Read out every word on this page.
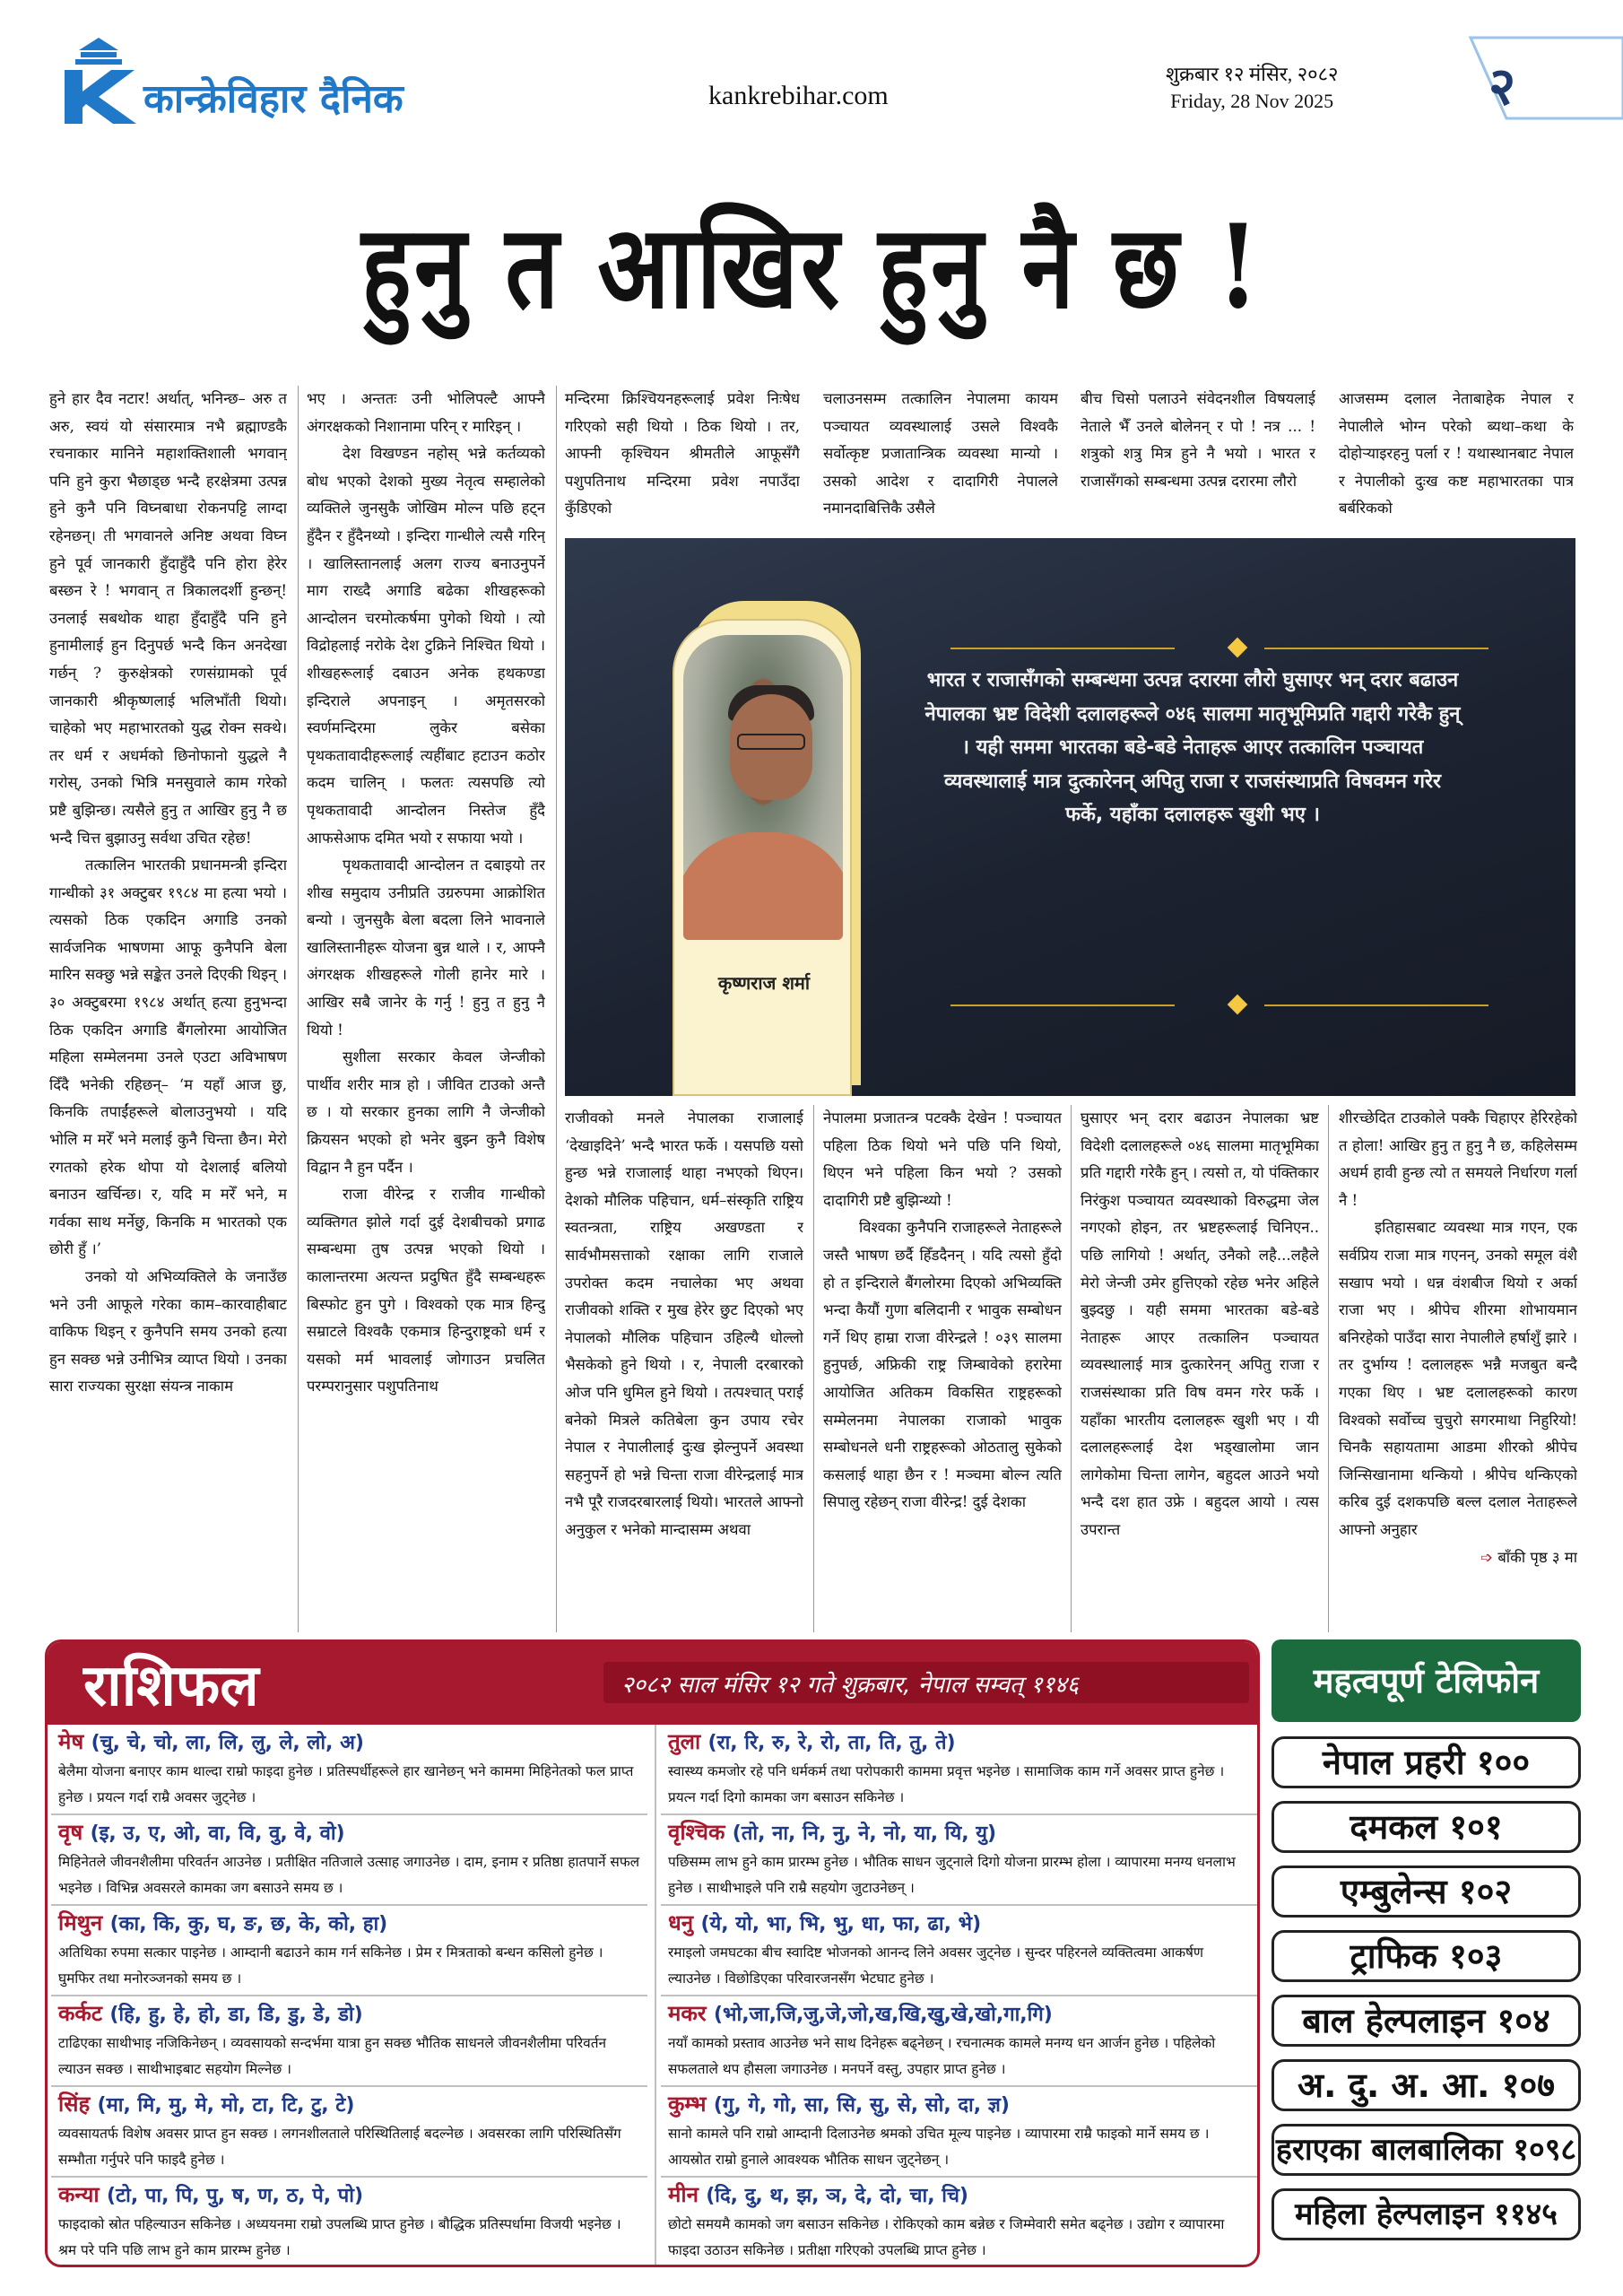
कान्क्रेविहार दैनिक	kankrebihar.com
शुक्रबार १२ मंसिर, २०८२
Friday, 28 Nov 2025	२
हुनु त आखिर हुनु नै छ !

हुने हार दैव नटार! अर्थात्, भनिन्छ– अरु त अरु, स्वयं यो संसारमात्र नभै ब्रह्माण्डकै रचनाकार मानिने महाशक्तिशाली भगवान् पनि हुने कुरा भैछाड्छ भन्दै हरक्षेत्रमा उत्पन्न हुने कुनै पनि विघ्नबाधा रोकनपट्टि लाग्दा रहेनछन्। ती भगवानले अनिष्ट अथवा विघ्न हुने पूर्व जानकारी हुँदाहुँदै पनि होरा हेरेर बस्छन रे ! भगवान् त त्रिकालदर्शी हुन्छन्! उनलाई सबथोक थाहा हुँदाहुँदै पनि हुने हुनामीलाई हुन दिनुपर्छ भन्दै किन अनदेखा गर्छन् ? कुरुक्षेत्रको रणसंग्रामको पूर्व जानकारी श्रीकृष्णलाई भलिभाँती थियो। चाहेको भए महाभारतको युद्ध रोक्न सक्थे। तर धर्म र अधर्मको छिनोफानो युद्धले नै गरोस्, उनको भित्रि मनसुवाले काम गरेको प्रष्टै बुझिन्छ। त्यसैले हुनु त आखिर हुनु नै छ भन्दै चित्त बुझाउनु सर्वथा उचित रहेछ!

तत्कालिन भारतकी प्रधानमन्त्री इन्दिरा गान्धीको ३१ अक्टुबर १९८४ मा हत्या भयो । त्यसको ठिक एकदिन अगाडि उनको सार्वजनिक भाषणमा आफू कुनैपनि बेला मारिन सक्छु भन्ने सङ्केत उनले दिएकी थिइन् । ३० अक्टुबरमा १९८४ अर्थात् हत्या हुनुभन्दा ठिक एकदिन अगाडि बैंगलोरमा आयोजित महिला सम्मेलनमा उनले एउटा अविभाषण दिँदै भनेकी रहिछन्– ‘म यहाँ आज छु, किनकि तपाईंहरूले बोलाउनुभयो । यदि भोलि म मरेँ भने मलाई कुनै चिन्ता छैन। मेरो रगतको हरेक थोपा यो देशलाई बलियो बनाउन खर्चिन्छ। र, यदि म मरेँ भने, म गर्वका साथ मर्नेछु, किनकि म भारतको एक छोरी हुँ ।’

उनको यो अभिव्यक्तिले के जनाउँछ भने उनी आफूले गरेका काम–कारवाहीबाट वाकिफ थिइन् र कुनैपनि समय उनको हत्या हुन सक्छ भन्ने उनीभित्र व्याप्त थियो । उनका सारा राज्यका सुरक्षा संयन्त्र नाकाम

भए । अन्ततः उनी भोलिपल्टै आफ्नै अंगरक्षकको निशानामा परिन् र मारिइन् ।

देश विखण्डन नहोस् भन्ने कर्तव्यको बोध भएको देशको मुख्य नेतृत्व सम्हालेको व्यक्तिले जुनसुकै जोखिम मोल्न पछि हट्न हुँदैन र हुँदैनथ्यो । इन्दिरा गान्धीले त्यसै गरिन् । खालिस्तानलाई अलग राज्य बनाउनुपर्ने माग राख्दै अगाडि बढेका शीखहरूको आन्दोलन चरमोत्कर्षमा पुगेको थियो । त्यो विद्रोहलाई नरोके देश टुक्रिने निश्चित थियो । शीखहरूलाई दबाउन अनेक हथकण्डा इन्दिराले अपनाइन् । अमृतसरको स्वर्णमन्दिरमा लुकेर बसेका पृथकतावादीहरूलाई त्यहींबाट हटाउन कठोर कदम चालिन् । फलतः त्यसपछि त्यो पृथकतावादी आन्दोलन निस्तेज हुँदै आफसेआफ दमित भयो र सफाया भयो ।

पृथकतावादी आन्दोलन त दबाइयो तर शीख समुदाय उनीप्रति उग्ररुपमा आक्रोशित बन्यो । जुनसुकै बेला बदला लिने भावनाले खालिस्तानीहरू योजना बुन्न थाले । र, आफ्नै अंगरक्षक शीखहरूले गोली हानेर मारे । आखिर सबै जानेर के गर्नु ! हुनु त हुनु नै थियो !

सुशीला सरकार केवल जेन्जीको पार्थीव शरीर मात्र हो । जीवित टाउको अन्तै छ । यो सरकार हुनका लागि नै जेन्जीको क्रियसन भएको हो भनेर बुझ्न कुनै विशेष विद्वान नै हुन पर्दैन ।

राजा वीरेन्द्र र राजीव गान्धीको व्यक्तिगत झोले गर्दा दुई देशबीचको प्रगाढ सम्बन्धमा तुष उत्पन्न भएको थियो । कालान्तरमा अत्यन्त प्रदुषित हुँदै सम्बन्धहरू बिस्फोट हुन पुगे । विश्वको एक मात्र हिन्दु सम्राटले विश्वकै एकमात्र हिन्दुराष्ट्रको धर्म र यसको मर्म भावलाई जोगाउन प्रचलित परम्परानुसार पशुपतिनाथ

मन्दिरमा क्रिश्चियनहरूलाई प्रवेश निःषेध गरिएको सही थियो । ठिक थियो । तर, आफ्नी कृश्चियन श्रीमतीले आफूसँगै पशुपतिनाथ मन्दिरमा प्रवेश नपाउँदा कुँडिएको

चलाउनसम्म तत्कालिन नेपालमा कायम पञ्चायत व्यवस्थालाई उसले विश्वकै सर्वोत्कृष्ट प्रजातान्त्रिक व्यवस्था मान्यो । उसको आदेश र दादागिरी नेपालले नमानदाबित्तिकै उसैले

बीच चिसो पलाउने संवेदनशील विषयलाई नेताले भैँ उनले बोलेनन् र पो ! नत्र ... ! शत्रुको शत्रु मित्र हुने नै भयो । भारत र राजासँगको सम्बन्धमा उत्पन्न दरारमा लौरो

आजसम्म दलाल नेताबाहेक नेपाल र नेपालीले भोग्न परेको ब्यथा–कथा के दोहोऱ्याइरहनु पर्ला र ! यथास्थानबाट नेपाल र नेपालीको दुःख कष्ट महाभारतका पात्र बर्बरिकको

कृष्णराज शर्मा
भारत र राजासँगको सम्बन्धमा उत्पन्न दरारमा लौरो घुसाएर भन् दरार बढाउन नेपालका भ्रष्ट विदेशी दलालहरूले ०४६ सालमा मातृभूमिप्रति गद्दारी गरेकै हुन् । यही सममा भारतका बडे-बडे नेताहरू आएर तत्कालिन पञ्चायत व्यवस्थालाई मात्र दुत्कारेनन् अपितु राजा र राजसंस्थाप्रति विषवमन गरेर फर्के, यहाँका दलालहरू खुशी भए ।

राजीवको मनले नेपालका राजालाई ‘देखाइदिने’ भन्दै भारत फर्के । यसपछि यसो हुन्छ भन्ने राजालाई थाहा नभएको थिएन। देशको मौलिक पहिचान, धर्म–संस्कृति राष्ट्रिय स्वतन्त्रता, राष्ट्रिय अखण्डता र सार्वभौमसत्ताको रक्षाका लागि राजाले उपरोक्त कदम नचालेका भए अथवा राजीवको शक्ति र मुख हेरेर छुट दिएको भए नेपालको मौलिक पहिचान उहिल्यै धोल्लो भैसकेको हुने थियो । र, नेपाली दरबारको ओज पनि धुमिल हुने थियो । तत्पश्चात् पराई बनेको मित्रले कतिबेला कुन उपाय रचेर नेपाल र नेपालीलाई दुःख झेल्नुपर्ने अवस्था सहनुपर्ने हो भन्ने चिन्ता राजा वीरेन्द्रलाई मात्र नभै पूरै राजदरबारलाई थियो। भारतले आफ्नो अनुकुल र भनेको मान्दासम्म अथवा

नेपालमा प्रजातन्त्र पटक्कै देखेन ! पञ्चायत पहिला ठिक थियो भने पछि पनि थियो, थिएन भने पहिला किन भयो ? उसको दादागिरी प्रष्टै बुझिन्थ्यो !

विश्वका कुनैपनि राजाहरूले नेताहरूले जस्तै भाषण छर्दै हिँडदैनन् । यदि त्यसो हुँदो हो त इन्दिराले बैंगलोरमा दिएको अभिव्यक्ति भन्दा कैयौं गुणा बलिदानी र भावुक सम्बोधन गर्ने थिए हाम्रा राजा वीरेन्द्रले ! ०३९ सालमा हुनुपर्छ, अफ्रिकी राष्ट्र जिम्बावेको हरारेमा आयोजित अतिकम विकसित राष्ट्रहरूको सम्मेलनमा नेपालका राजाको भावुक सम्बोधनले धनी राष्ट्रहरूको ओठतालु सुकेको कसलाई थाहा छैन र ! मञ्चमा बोल्न त्यति सिपालु रहेछन् राजा वीरेन्द्र! दुई देशका

घुसाएर भन् दरार बढाउन नेपालका भ्रष्ट विदेशी दलालहरूले ०४६ सालमा मातृभूमिका प्रति गद्दारी गरेकै हुन् । त्यसो त, यो पंक्तिकार निरंकुश पञ्चायत व्यवस्थाको विरुद्धमा जेल नगएको होइन, तर भ्रष्टहरूलाई चिनिएन.. पछि लागियो ! अर्थात्, उनैको लहै...लहैले मेरो जेन्जी उमेर हुत्तिएको रहेछ भनेर अहिले बुझ्दछु । यही सममा भारतका बडे-बडे नेताहरू आएर तत्कालिन पञ्चायत व्यवस्थालाई मात्र दुत्कारेनन् अपितु राजा र राजसंस्थाका प्रति विष वमन गरेर फर्के । यहाँका भारतीय दलालहरू खुशी भए । यी दलालहरूलाई देश भड्खालोमा जान लागेकोमा चिन्ता लागेन, बहुदल आउने भयो भन्दै दश हात उफ्रे । बहुदल आयो । त्यस उपरान्त

शीरच्छेदित टाउकोले पक्कै चिहाएर हेरिरहेको त होला! आखिर हुनु त हुनु नै छ, कहिलेसम्म अधर्म हावी हुन्छ त्यो त समयले निर्धारण गर्ला नै !

इतिहासबाट व्यवस्था मात्र गएन, एक सर्वप्रिय राजा मात्र गएनन्, उनको समूल वंशै सखाप भयो । धन्न वंशबीज थियो र अर्का राजा भए । श्रीपेच शीरमा शोभायमान बनिरहेको पाउँदा सारा नेपालीले हर्षाशुँ झारे । तर दुर्भाग्य ! दलालहरू भन्नै मजबुत बन्दै गएका थिए । भ्रष्ट दलालहरूको कारण विश्वको सर्वोच्च चुचुरो सगरमाथा निहुरियो! चिनकै सहायतामा आडमा शीरको श्रीपेच जिन्सिखानामा थन्कियो । श्रीपेच थन्किएको करिब दुई दशकपछि बल्ल दलाल नेताहरूले आफ्नो अनुहार

➩ बाँकी पृष्ठ ३ मा

राशिफल	२०८२ साल मंसिर १२ गते शुक्रबार, नेपाल सम्वत् ११४६
मेष (चु, चे, चो, ला, लि, लु, ले, लो, अ)
बेलैमा योजना बनाएर काम थाल्दा राम्रो फाइदा हुनेछ । प्रतिस्पर्धीहरूले हार खानेछन् भने काममा मिहिनेतको फल प्राप्त हुनेछ । प्रयत्न गर्दा राम्रै अवसर जुट्नेछ ।
वृष (इ, उ, ए, ओ, वा, वि, वु, वे, वो)
मिहिनेतले जीवनशैलीमा परिवर्तन आउनेछ । प्रतीक्षित नतिजाले उत्साह जगाउनेछ । दाम, इनाम र प्रतिष्ठा हातपार्ने सफल भइनेछ । विभिन्न अवसरले कामका जग बसाउने समय छ ।
मिथुन (का, कि, कु, घ, ङ, छ, के, को, हा)
अतिथिका रुपमा सत्कार पाइनेछ । आम्दानी बढाउने काम गर्न सकिनेछ । प्रेम र मित्रताको बन्धन कसिलो हुनेछ । घुमफिर तथा मनोरञ्जनको समय छ ।
कर्कट (हि, हु, हे, हो, डा, डि, डु, डे, डो)
टाढिएका साथीभाइ नजिकिनेछन् । व्यवसायको सन्दर्भमा यात्रा हुन सक्छ भौतिक साधनले जीवनशैलीमा परिवर्तन ल्याउन सक्छ । साथीभाइबाट सहयोग मिल्नेछ ।
सिंह (मा, मि, मु, मे, मो, टा, टि, टु, टे)
व्यवसायतर्फ विशेष अवसर प्राप्त हुन सक्छ । लगनशीलताले परिस्थितिलाई बदल्नेछ । अवसरका लागि परिस्थितिसँग सम्भौता गर्नुपरे पनि फाइदै हुनेछ ।
कन्या (टो, पा, पि, पु, ष, ण, ठ, पे, पो)
फाइदाको स्रोत पहिल्याउन सकिनेछ । अध्ययनमा राम्रो उपलब्धि प्राप्त हुनेछ । बौद्धिक प्रतिस्पर्धामा विजयी भइनेछ । श्रम परे पनि पछि लाभ हुने काम प्रारम्भ हुनेछ ।
तुला (रा, रि, रु, रे, रो, ता, ति, तु, ते)
स्वास्थ्य कमजोर रहे पनि धर्मकर्म तथा परोपकारी काममा प्रवृत्त भइनेछ । सामाजिक काम गर्ने अवसर प्राप्त हुनेछ । प्रयत्न गर्दा दिगो कामका जग बसाउन सकिनेछ ।
वृश्चिक (तो, ना, नि, नु, ने, नो, या, यि, यु)
पछिसम्म लाभ हुने काम प्रारम्भ हुनेछ । भौतिक साधन जुट्नाले दिगो योजना प्रारम्भ होला । व्यापारमा मनग्य धनलाभ हुनेछ । साथीभाइले पनि राम्रै सहयोग जुटाउनेछन् ।
धनु (ये, यो, भा, भि, भु, धा, फा, ढा, भे)
रमाइलो जमघटका बीच स्वादिष्ट भोजनको आनन्द लिने अवसर जुट्नेछ । सुन्दर पहिरनले व्यक्तित्वमा आकर्षण ल्याउनेछ । विछोडिएका परिवारजनसँग भेटघाट हुनेछ ।
मकर (भो,जा,जि,जु,जे,जो,ख,खि,खु,खे,खो,गा,गि)
नयाँ कामको प्रस्ताव आउनेछ भने साथ दिनेहरू बढ्नेछन् । रचनात्मक कामले मनग्य धन आर्जन हुनेछ । पहिलेको सफलताले थप हौसला जगाउनेछ । मनपर्ने वस्तु, उपहार प्राप्त हुनेछ ।
कुम्भ (गु, गे, गो, सा, सि, सु, से, सो, दा, ज्ञ)
सानो कामले पनि राम्रो आम्दानी दिलाउनेछ श्रमको उचित मूल्य पाइनेछ । व्यापारमा राम्रै फाइको मार्ने समय छ । आयस्रोत राम्रो हुनाले आवश्यक भौतिक साधन जुट्नेछन् ।
मीन (दि, दु, थ, झ, ञ, दे, दो, चा, चि)
छोटो समयमै कामको जग बसाउन सकिनेछ । रोकिएको काम बन्नेछ र जिम्मेवारी समेत बढ्नेछ । उद्योग र व्यापारमा फाइदा उठाउन सकिनेछ । प्रतीक्षा गरिएको उपलब्धि प्राप्त हुनेछ ।
महत्वपूर्ण टेलिफोन
नेपाल प्रहरी १००
दमकल १०१
एम्बुलेन्स १०२
ट्राफिक १०३
बाल हेल्पलाइन १०४
अ. दु. अ. आ. १०७
हराएका बालबालिका १०९८
महिला हेल्पलाइन ११४५
